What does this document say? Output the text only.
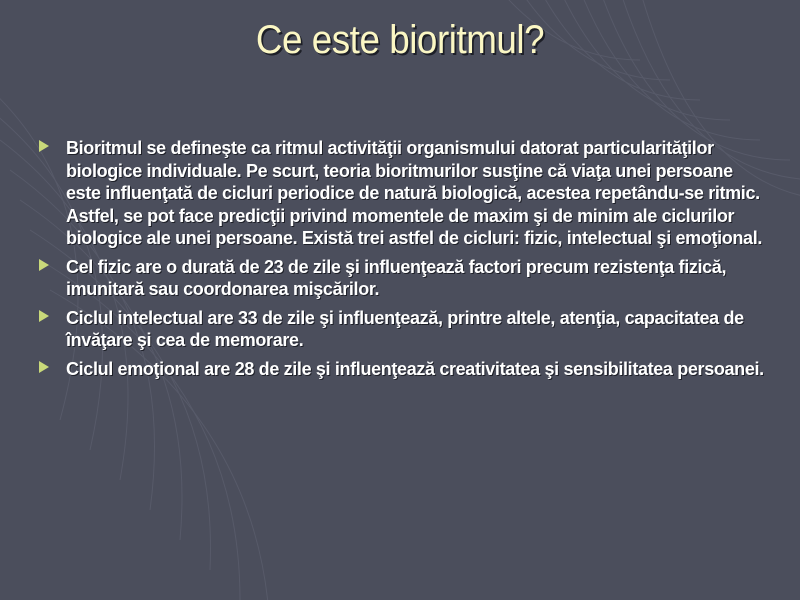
Ce este bioritmul?
Bioritmul se defineşte ca ritmul activităţii organismului datorat particularităţilor biologice individuale. Pe scurt, teoria bioritmurilor susţine că viaţa unei persoane este influenţată de cicluri periodice de natură biologică, acestea repetându-se ritmic. Astfel, se pot face predicţii privind momentele de maxim şi de minim ale ciclurilor biologice ale unei persoane. Există trei astfel de cicluri: fizic, intelectual şi emoţional.
Cel fizic are o durată de 23 de zile şi influenţează factori precum rezistenţa fizică, imunitară sau coordonarea mişcărilor.
Ciclul intelectual are 33 de zile şi influenţează, printre altele, atenţia, capacitatea de învăţare şi cea de memorare.
Ciclul emoţional are 28 de zile şi influenţează creativitatea şi sensibilitatea persoanei.
